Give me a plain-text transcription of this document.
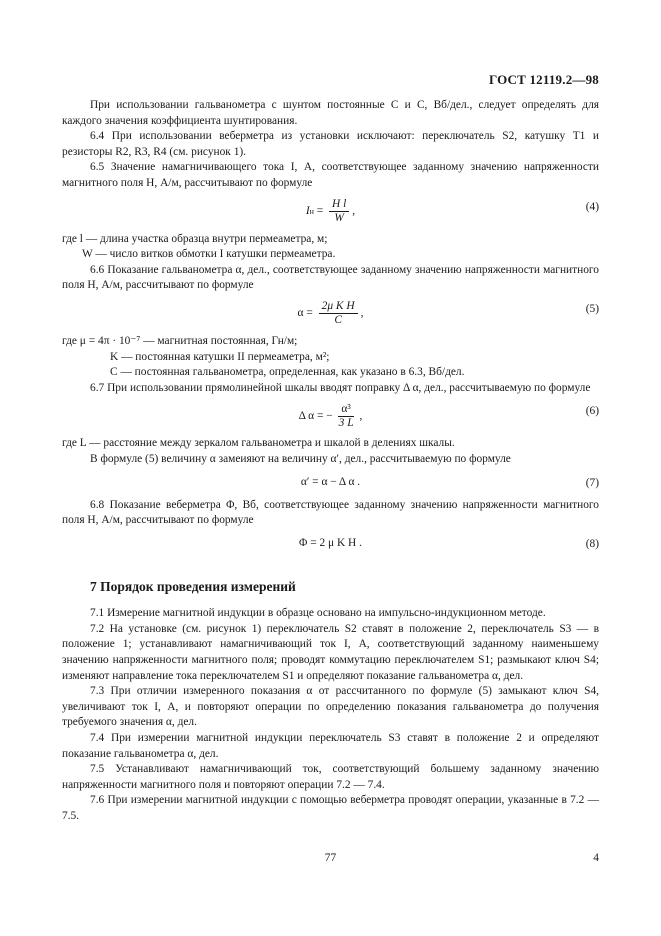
ГОСТ 12119.2—98

При использовании гальванометра с шунтом постоянные C и C, Вб/дел., следует определять для каждого значения коэффициента шунтирования.

6.4 При использовании веберметра из установки исключают: переключатель S2, катушку T1 и резисторы R2, R3, R4 (см. рисунок 1).

6.5 Значение намагничивающего тока I, А, соответствующее заданному значению напряженности магнитного поля H, А/м, рассчитывают по формуле

I $н = \frac{\text{H l}}{W}$ ,	(4)

где l — длина участка образца внутри пермеаметра, м;

W — число витков обмотки I катушки пермеаметра.

6.6 Показание гальванометра α, дел., соответствующее заданному значению напряженности магнитного поля H, А/м, рассчитывают по формуле

α =
$\frac{\text{2μ K H}}{C}$ ,	(5)

где μ = 4π · 10⁻⁷ — магнитная постоянная, Гн/м;

K — постоянная катушки II пермеаметра, м²;

C — постоянная гальванометра, определенная, как указано в 6.3, Вб/дел.

6.7 При использовании прямолинейной шкалы вводят поправку Δ α, дел., рассчитываемую по формуле

Δ α = − $\frac{\text{α³}}{3 L}$ ,	(6)

где L — расстояние между зеркалом гальванометра и шкалой в делениях шкалы.

В формуле (5) величину α замеияют на величину α′, дел., рассчитываемую по формуле

α′ = α − Δ α .	(7)

6.8 Показание веберметра Φ, Вб, соответствующее заданному значению напряженности магнитного поля H, А/м, рассчитывают по формуле

Φ = 2 μ K H .	(8)
7 Порядок проведения измерений

7.1 Измерение магнитной индукции в образце основано на импульсно-индукционном методе.

7.2 На установке (см. рисунок 1) переключатель S2 ставят в положение 2, переключатель S3 — в положение 1; устанавливают намагничивающий ток I, А, соответствующий заданному наименьшему значению напряженности магнитного поля; проводят коммутацию переключателем S1; размыкают ключ S4; изменяют направление тока переключателем S1 и определяют показание гальванометра α, дел.

7.3 При отличии измеренного показания α от рассчитанного по формуле (5) замыкают ключ S4, увеличивают ток I, А, и повторяют операции по определению показания гальванометра до получения требуемого значения α, дел.

7.4 При измерении магнитной индукции переключатель S3 ставят в положение 2 и определяют показание гальванометра α, дел.

7.5 Устанавливают намагничивающий ток, соответствующий большему заданному значению напряженности магнитного поля и повторяют операции 7.2 — 7.4.

7.6 При измерении магнитной индукции с помощью веберметра проводят операции, указанные в 7.2 — 7.5.

77	4
